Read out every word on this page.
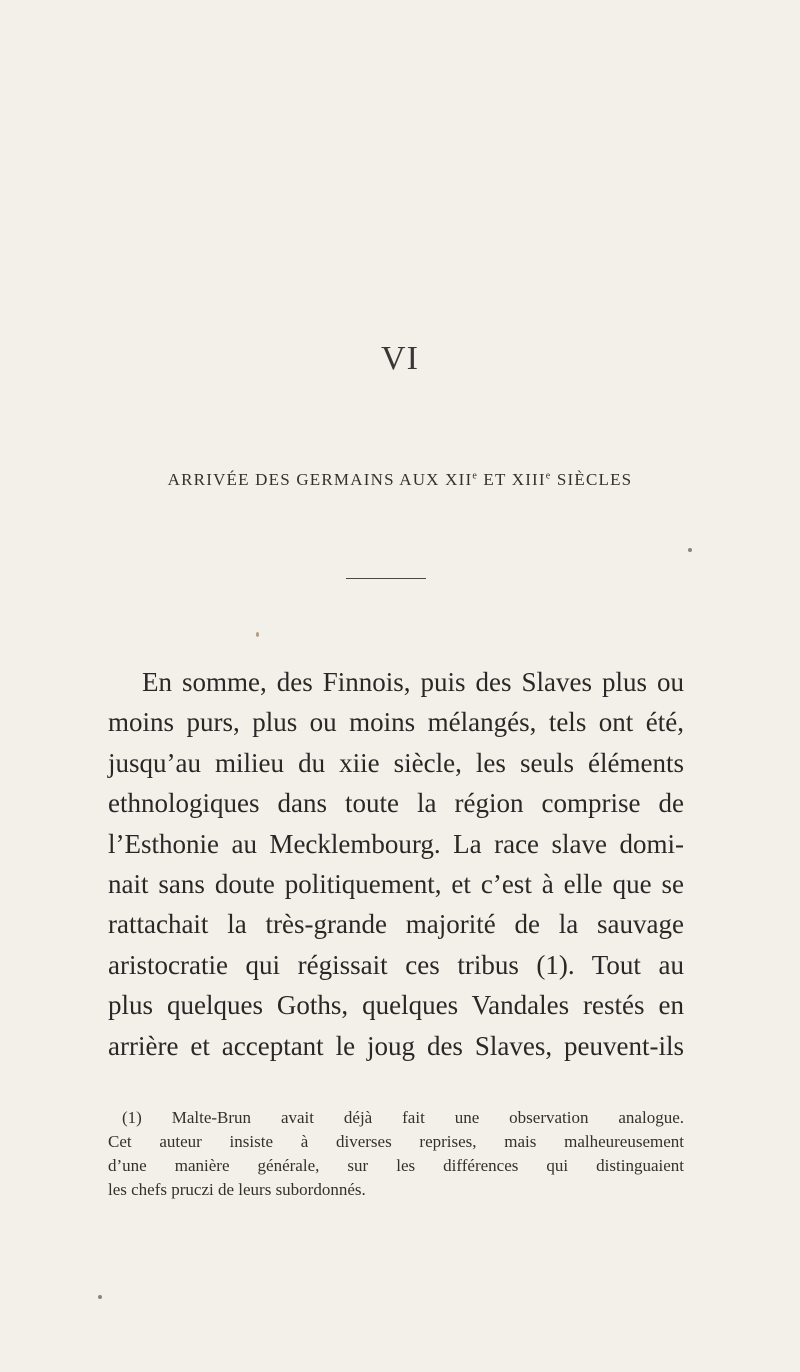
VI
ARRIVÉE DES GERMAINS AUX XIIe ET XIIIe SIÈCLES
En somme, des Finnois, puis des Slaves plus ou
moins purs, plus ou moins mélangés, tels ont été,
jusqu’au milieu du xiie siècle, les seuls éléments
ethnologiques dans toute la région comprise de
l’Esthonie au Mecklembourg. La race slave domi-
nait sans doute politiquement, et c’est à elle que se
rattachait la très-grande majorité de la sauvage
aristocratie qui régissait ces tribus (1). Tout au
plus quelques Goths, quelques Vandales restés en
arrière et acceptant le joug des Slaves, peuvent-ils
(1) Malte-Brun avait déjà fait une observation analogue.
Cet auteur insiste à diverses reprises, mais malheureusement
d’une manière générale, sur les différences qui distinguaient
les chefs pruczi de leurs subordonnés.
